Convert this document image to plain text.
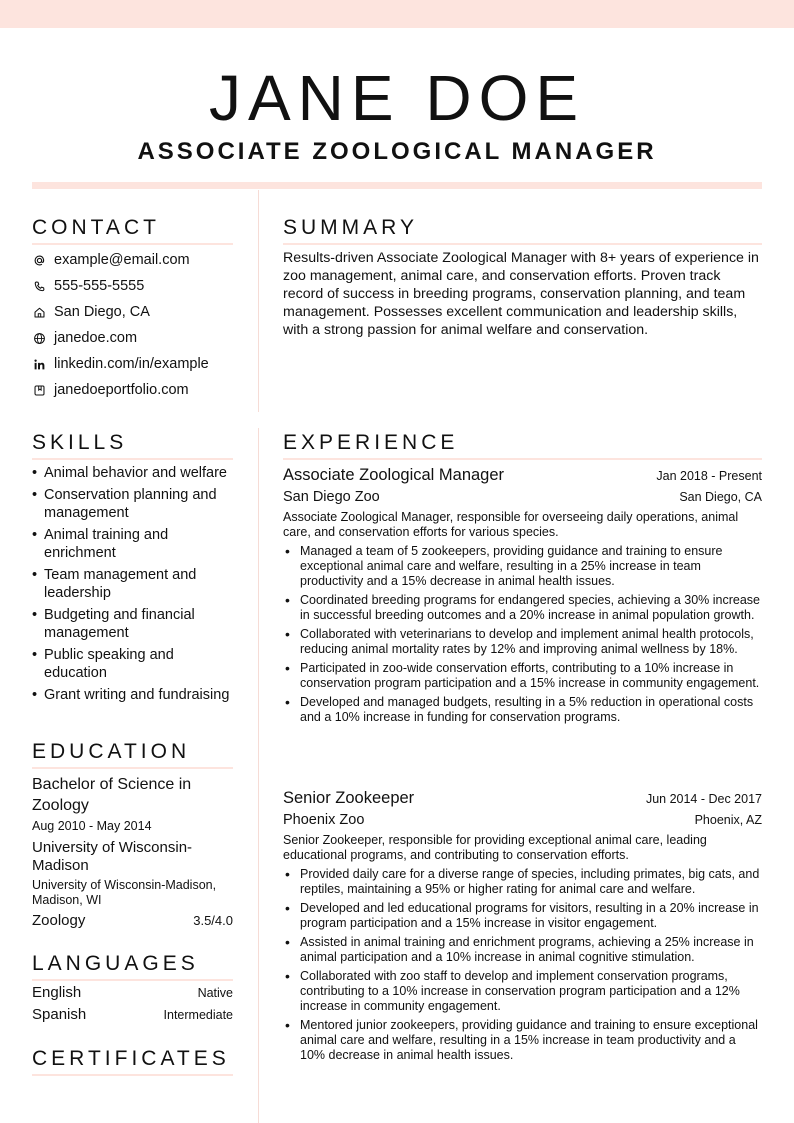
JANE DOE
ASSOCIATE ZOOLOGICAL MANAGER
CONTACT
example@email.com
555-555-5555
San Diego, CA
janedoe.com
linkedin.com/in/example
janedoeportfolio.com
SUMMARY

Results-driven Associate Zoological Manager with 8+ years of experience in zoo management, animal care, and conservation efforts. Proven track record of success in breeding programs, conservation planning, and team management. Possesses excellent communication and leadership skills, with a strong passion for animal welfare and conservation.

SKILLS
• Animal behavior and welfare
• Conservation planning and management
• Animal training and enrichment
• Team management and leadership
• Budgeting and financial management
• Public speaking and education
• Grant writing and fundraising
EDUCATION
Bachelor of Science in Zoology
Aug 2010 - May 2014
University of Wisconsin-Madison
University of Wisconsin-Madison, Madison, WI
Zoology	3.5/4.0
LANGUAGES
English	Native
Spanish	Intermediate
CERTIFICATES
EXPERIENCE
Associate Zoological Manager	Jan 2018 - Present
San Diego Zoo	San Diego, CA
Associate Zoological Manager, responsible for overseeing daily operations, animal care, and conservation efforts for various species.
• Managed a team of 5 zookeepers, providing guidance and training to ensure exceptional animal care and welfare, resulting in a 25% increase in team productivity and a 15% decrease in animal health issues.
• Coordinated breeding programs for endangered species, achieving a 30% increase in successful breeding outcomes and a 20% increase in animal population growth.
• Collaborated with veterinarians to develop and implement animal health protocols, reducing animal mortality rates by 12% and improving animal wellness by 18%.
• Participated in zoo-wide conservation efforts, contributing to a 10% increase in conservation program participation and a 15% increase in community engagement.
• Developed and managed budgets, resulting in a 5% reduction in operational costs and a 10% increase in funding for conservation programs.
Senior Zookeeper	Jun 2014 - Dec 2017
Phoenix Zoo	Phoenix, AZ
Senior Zookeeper, responsible for providing exceptional animal care, leading educational programs, and contributing to conservation efforts.
• Provided daily care for a diverse range of species, including primates, big cats, and reptiles, maintaining a 95% or higher rating for animal care and welfare.
• Developed and led educational programs for visitors, resulting in a 20% increase in program participation and a 15% increase in visitor engagement.
• Assisted in animal training and enrichment programs, achieving a 25% increase in animal participation and a 10% increase in animal cognitive stimulation.
• Collaborated with zoo staff to develop and implement conservation programs, contributing to a 10% increase in conservation program participation and a 12% increase in community engagement.
• Mentored junior zookeepers, providing guidance and training to ensure exceptional animal care and welfare, resulting in a 15% increase in team productivity and a 10% decrease in animal health issues.
